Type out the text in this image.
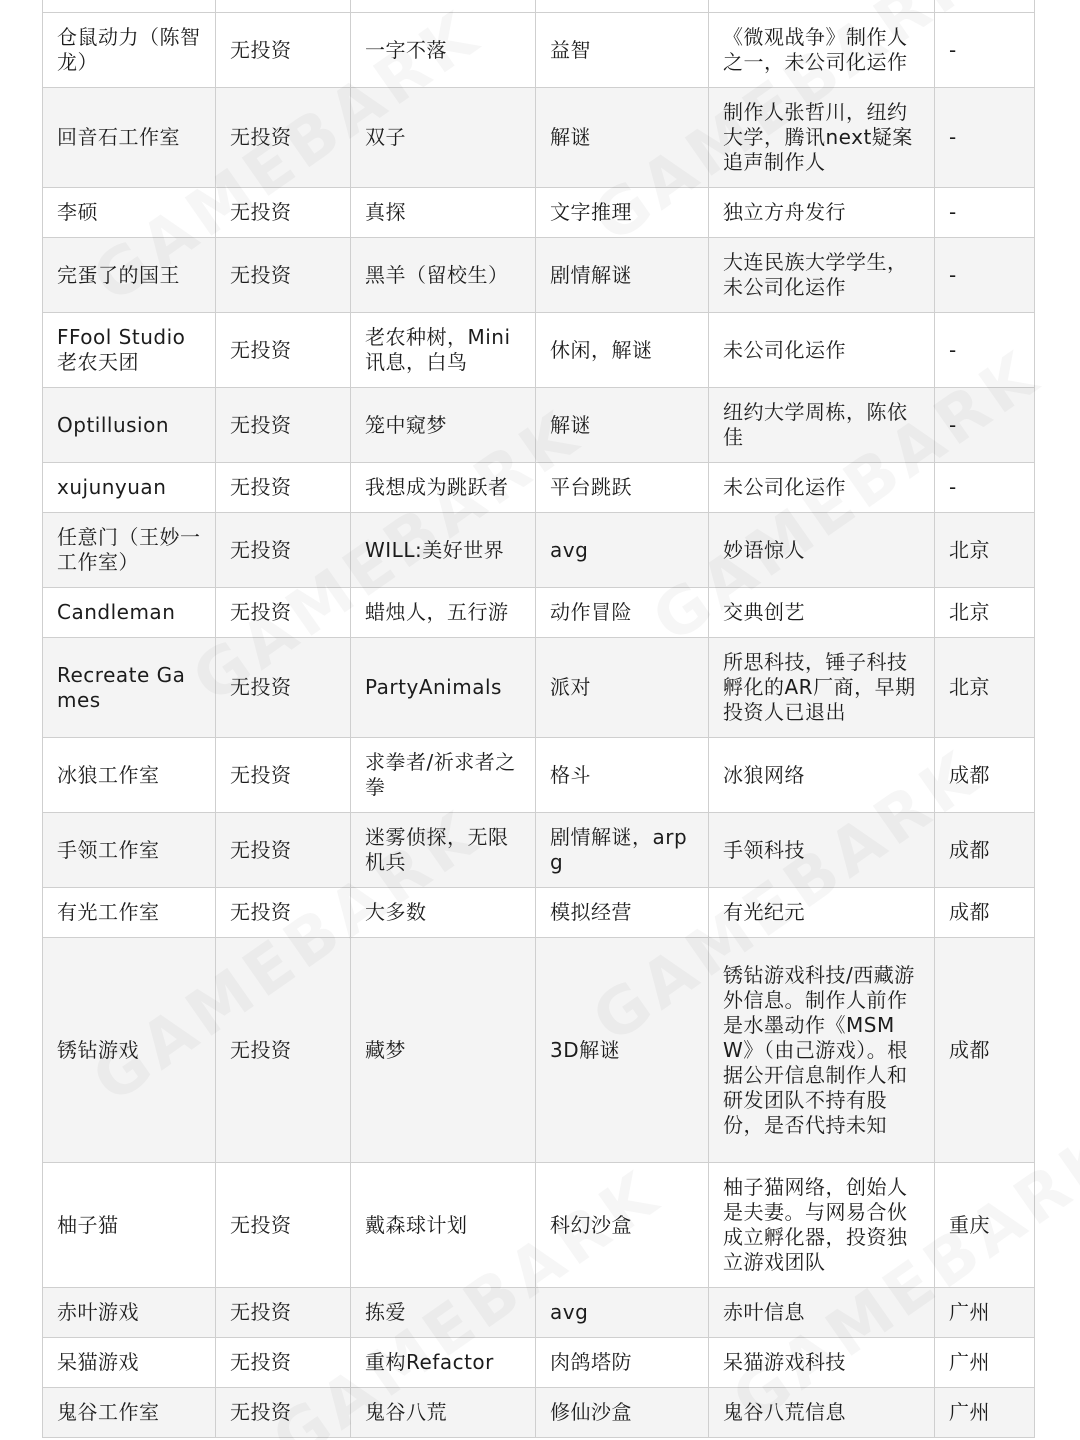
仓鼠动力（陈智龙）	无投资	一字不落	益智	《微观战争》制作人之一，未公司化运作	-
回音石工作室	无投资	双子	解谜	制作人张哲川，纽约大学，腾讯next疑案追声制作人	-
李硕	无投资	真探	文字推理	独立方舟发行	-
完蛋了的国王	无投资	黑羊（留校生）	剧情解谜	大连民族大学学生，未公司化运作	-
FFool Studio老农天团	无投资	老农种树，Mini讯息，白鸟	休闲，解谜	未公司化运作	-
Optillusion	无投资	笼中窥梦	解谜	纽约大学周栋，陈依佳	-
xujunyuan	无投资	我想成为跳跃者	平台跳跃	未公司化运作	-
任意门（王妙一工作室）	无投资	WILL:美好世界	avg	妙语惊人	北京
Candleman	无投资	蜡烛人，五行游	动作冒险	交典创艺	北京
Recreate Games	无投资	PartyAnimals	派对	所思科技，锤子科技孵化的AR厂商，早期投资人已退出	北京
冰狼工作室	无投资	求拳者/祈求者之拳	格斗	冰狼网络	成都
手领工作室	无投资	迷雾侦探，无限机兵	剧情解谜，arpg	手领科技	成都
有光工作室	无投资	大多数	模拟经营	有光纪元	成都
锈钻游戏	无投资	藏梦	3D解谜	锈钻游戏科技/西藏游外信息。制作人前作是水墨动作《MSMW》（由己游戏）。根据公开信息制作人和研发团队不持有股份，是否代持未知	成都
柚子猫	无投资	戴森球计划	科幻沙盒	柚子猫网络，创始人是夫妻。与网易合伙成立孵化器，投资独立游戏团队	重庆
赤叶游戏	无投资	拣爱	avg	赤叶信息	广州
呆猫游戏	无投资	重构Refactor	肉鸽塔防	呆猫游戏科技	广州
鬼谷工作室	无投资	鬼谷八荒	修仙沙盒	鬼谷八荒信息	广州
